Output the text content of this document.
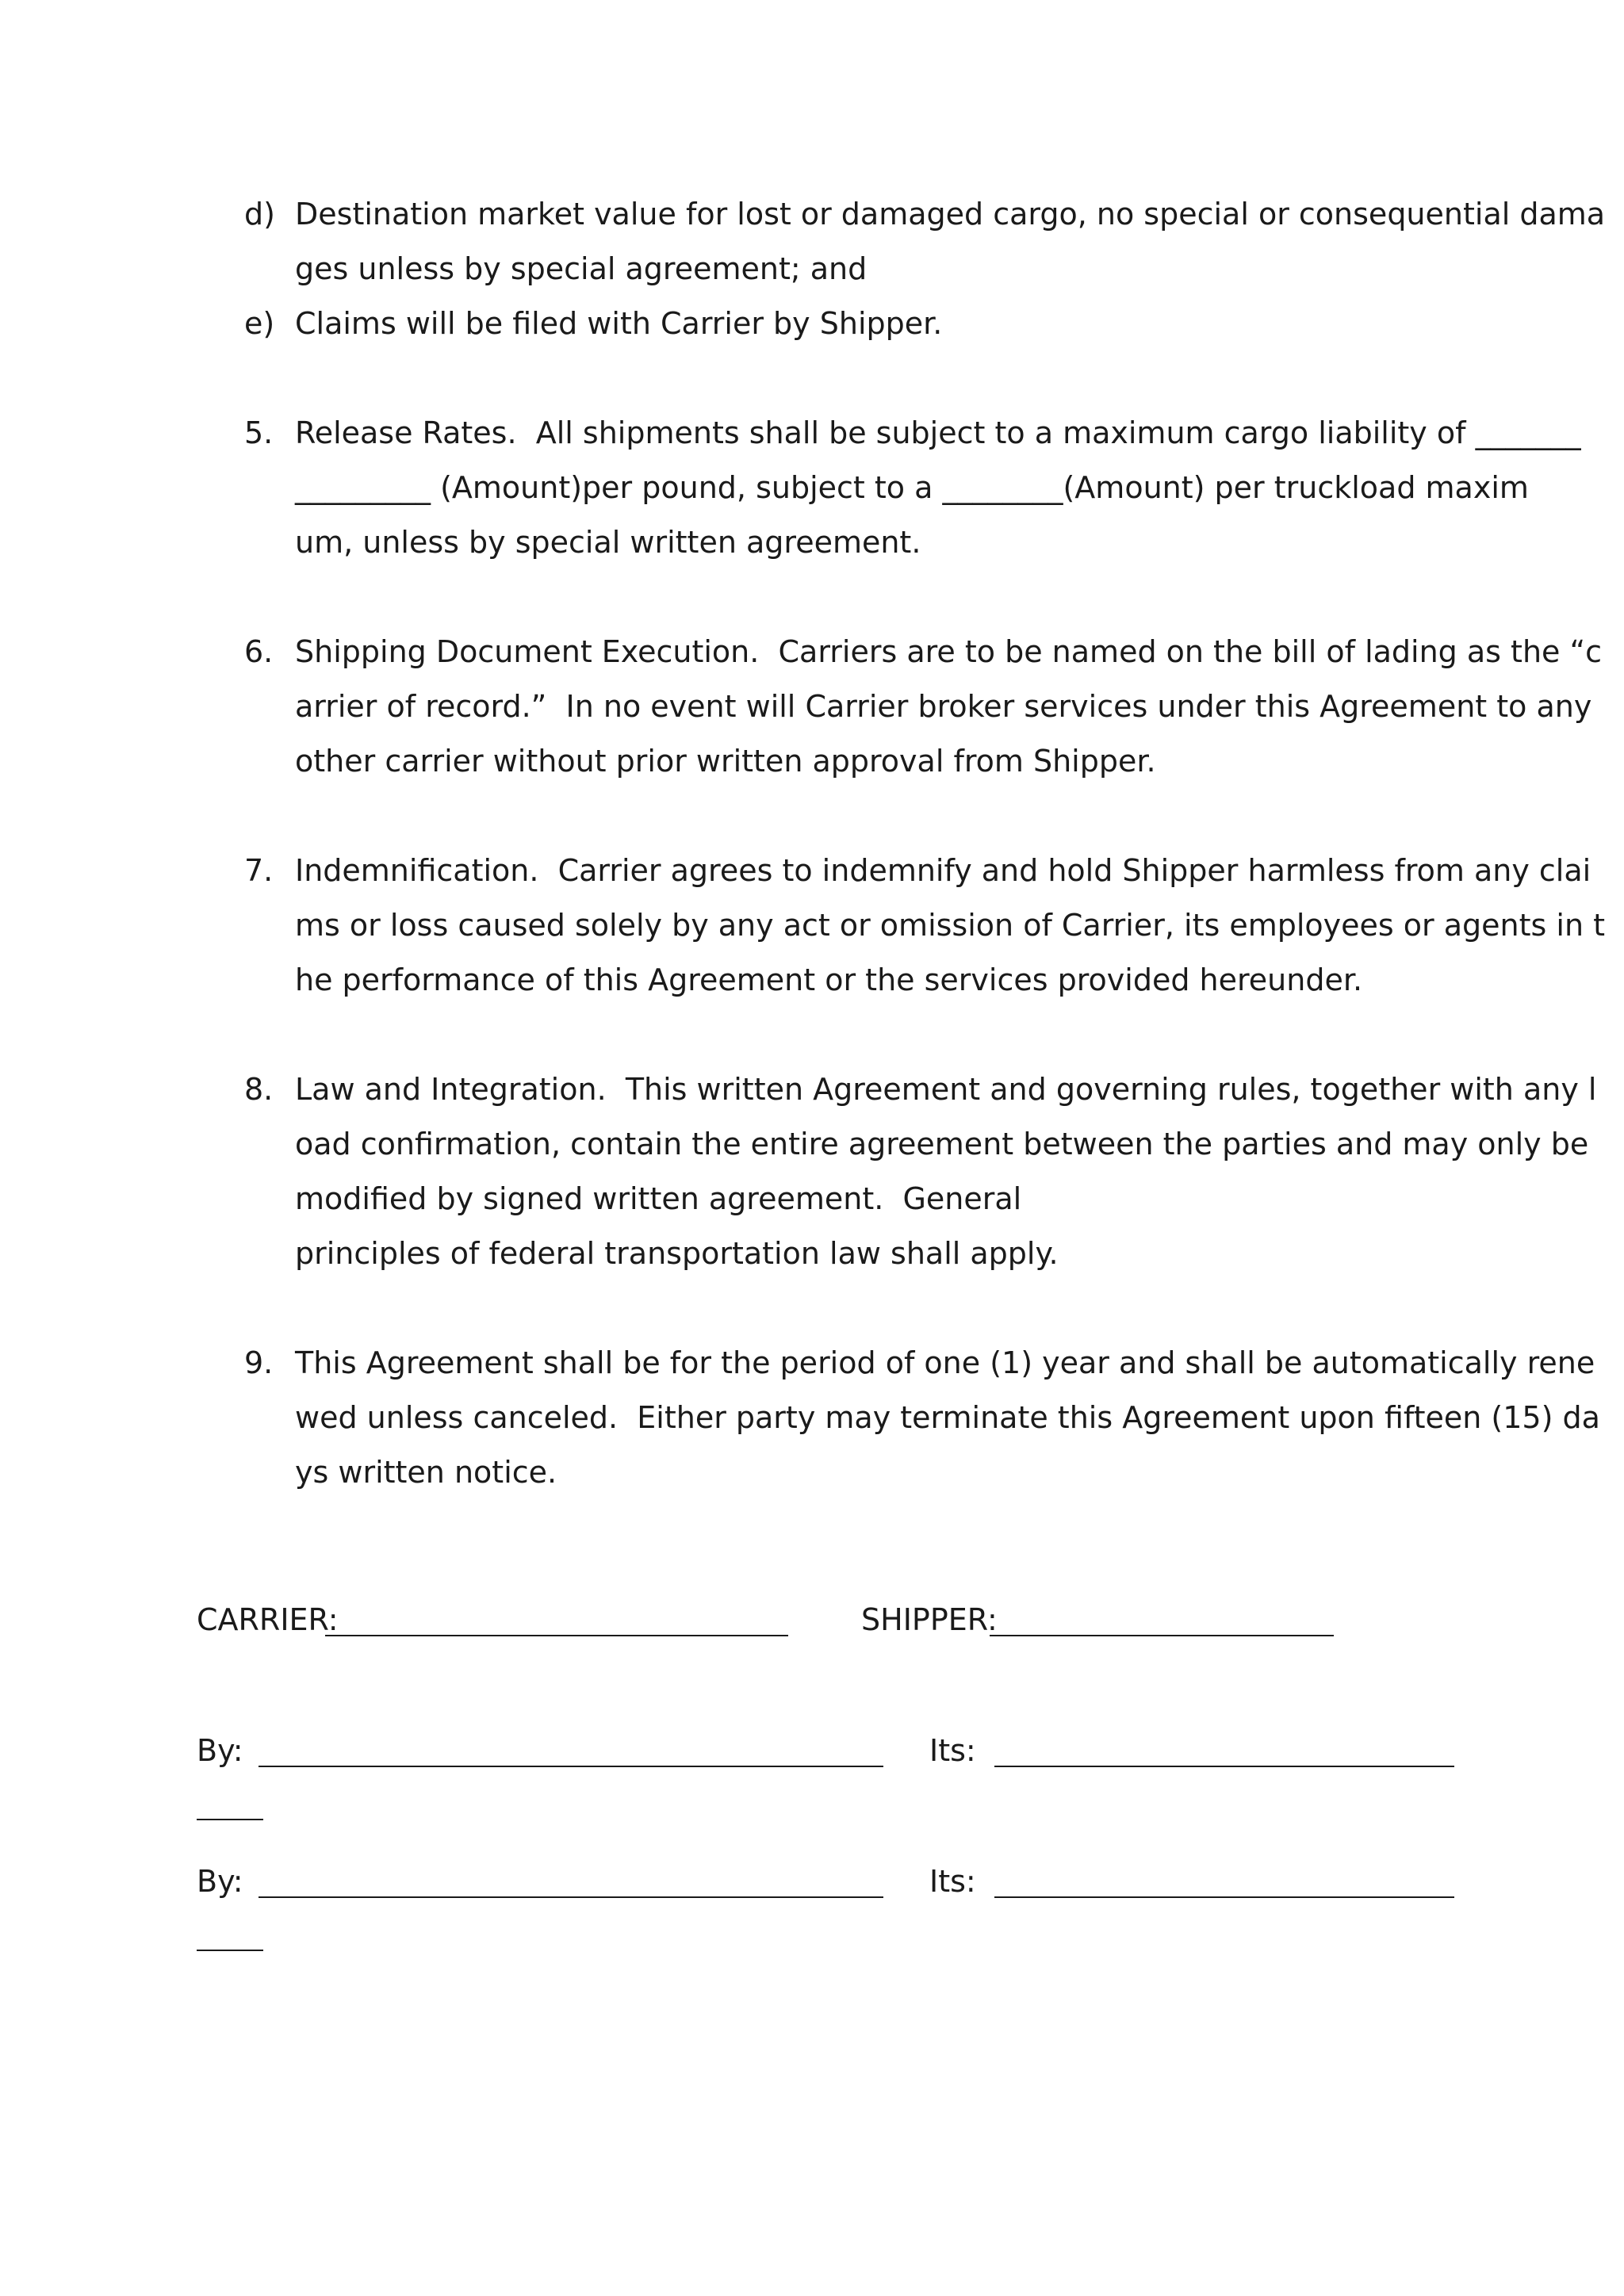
d) Destination market value for lost or damaged cargo, no special or consequential dama

ges unless by special agreement; and

e) Claims will be filed with Carrier by Shipper.

5. Release Rates.  All shipments shall be subject to a maximum cargo liability of _______

_________ (Amount)per pound, subject to a ________(Amount) per truckload maxim

um, unless by special written agreement.

6. Shipping Document Execution.  Carriers are to be named on the bill of lading as the “c

arrier of record.”  In no event will Carrier broker services under this Agreement to any

other carrier without prior written approval from Shipper.

7. Indemnification.  Carrier agrees to indemnify and hold Shipper harmless from any clai

ms or loss caused solely by any act or omission of Carrier, its employees or agents in t

he performance of this Agreement or the services provided hereunder.

8. Law and Integration.  This written Agreement and governing rules, together with any l

oad confirmation, contain the entire agreement between the parties and may only be

modified by signed written agreement.  General

principles of federal transportation law shall apply.

9. This Agreement shall be for the period of one (1) year and shall be automatically rene

wed unless canceled.  Either party may terminate this Agreement upon fifteen (15) da

ys written notice.

CARRIER:	SHIPPER:

By:	Its:

By:	Its:
